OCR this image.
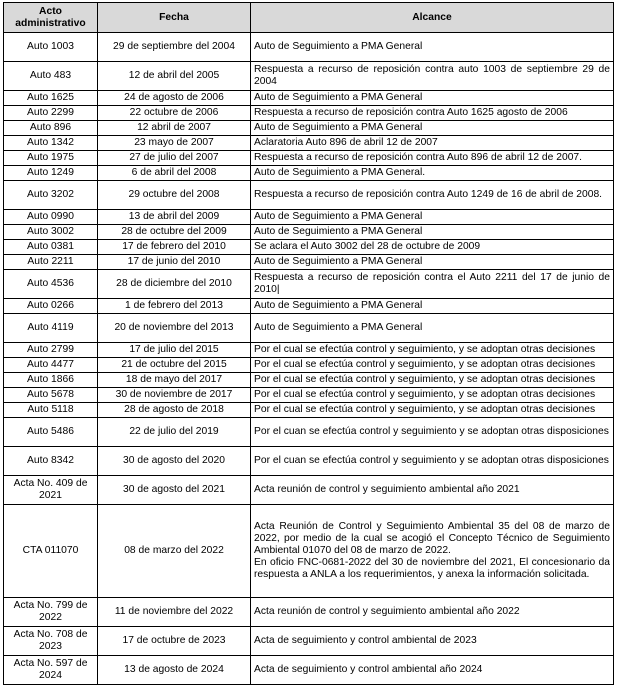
Acto administrativo	Fecha	Alcance
Auto 1003	29 de septiembre del 2004	Auto de Seguimiento a PMA General
Auto 483	12 de abril del 2005	Respuesta a recurso de reposición contra auto 1003 de septiembre 29 de 2004
Auto 1625	24 de agosto de 2006	Auto de Seguimiento a PMA General
Auto 2299	22 octubre de 2006	Respuesta a recurso de reposición contra Auto 1625 agosto de 2006
Auto 896	12 abril de 2007	Auto de Seguimiento a PMA General
Auto 1342	23 mayo de 2007	Aclaratoria Auto 896 de abril 12 de 2007
Auto 1975	27 de julio del 2007	Respuesta a recurso de reposición contra Auto 896 de abril 12 de 2007.
Auto 1249	6 de abril del 2008	Auto de Seguimiento a PMA General.
Auto 3202	29 octubre del 2008	Respuesta a recurso de reposición contra Auto 1249 de 16 de abril de 2008.
Auto 0990	13 de abril del 2009	Auto de Seguimiento a PMA General
Auto 3002	28 de octubre del 2009	Auto de Seguimiento a PMA General
Auto 0381	17 de febrero del 2010	Se aclara el Auto 3002 del 28 de octubre de 2009
Auto 2211	17 de junio del 2010	Auto de Seguimiento a PMA General
Auto 4536	28 de diciembre del 2010	Respuesta a recurso de reposición contra el Auto 2211 del 17 de junio de 2010|
Auto 0266	1 de febrero del 2013	Auto de Seguimiento a PMA General
Auto 4119	20 de noviembre del 2013	Auto de Seguimiento a PMA General
Auto 2799	17 de julio del 2015	Por el cual se efectúa control y seguimiento, y se adoptan otras decisiones
Auto 4477	21 de octubre del 2015	Por el cual se efectúa control y seguimiento, y se adoptan otras decisiones
Auto 1866	18 de mayo del 2017	Por el cual se efectúa control y seguimiento, y se adoptan otras decisiones
Auto 5678	30 de noviembre de 2017	Por el cual se efectúa control y seguimiento, y se adoptan otras decisiones
Auto 5118	28 de agosto de 2018	Por el cual se efectúa control y seguimiento, y se adoptan otras decisiones
Auto 5486	22 de julio del 2019	Por el cuan se efectúa control y seguimiento y se adoptan otras disposiciones
Auto 8342	30 de agosto del 2020	Por el cuan se efectúa control y seguimiento y se adoptan otras disposiciones
Acta No. 409 de 2021	30 de agosto del 2021	Acta reunión de control y seguimiento ambiental año 2021
CTA 011070	08 de marzo del 2022	Acta Reunión de Control y Seguimiento Ambiental 35 del 08 de marzo de 2022, por medio de la cual se acogió el Concepto Técnico de Seguimiento Ambiental 01070 del 08 de marzo de 2022.
En oficio FNC-0681-2022 del 30 de noviembre del 2021, El concesionario da respuesta a ANLA a los requerimientos, y anexa la información solicitada.
Acta No. 799 de 2022	11 de noviembre del 2022	Acta reunión de control y seguimiento ambiental año 2022
Acta No. 708 de 2023	17 de octubre de 2023	Acta de seguimiento y control ambiental de 2023
Acta No. 597 de 2024	13 de agosto de 2024	Acta de seguimiento y control ambiental año 2024
